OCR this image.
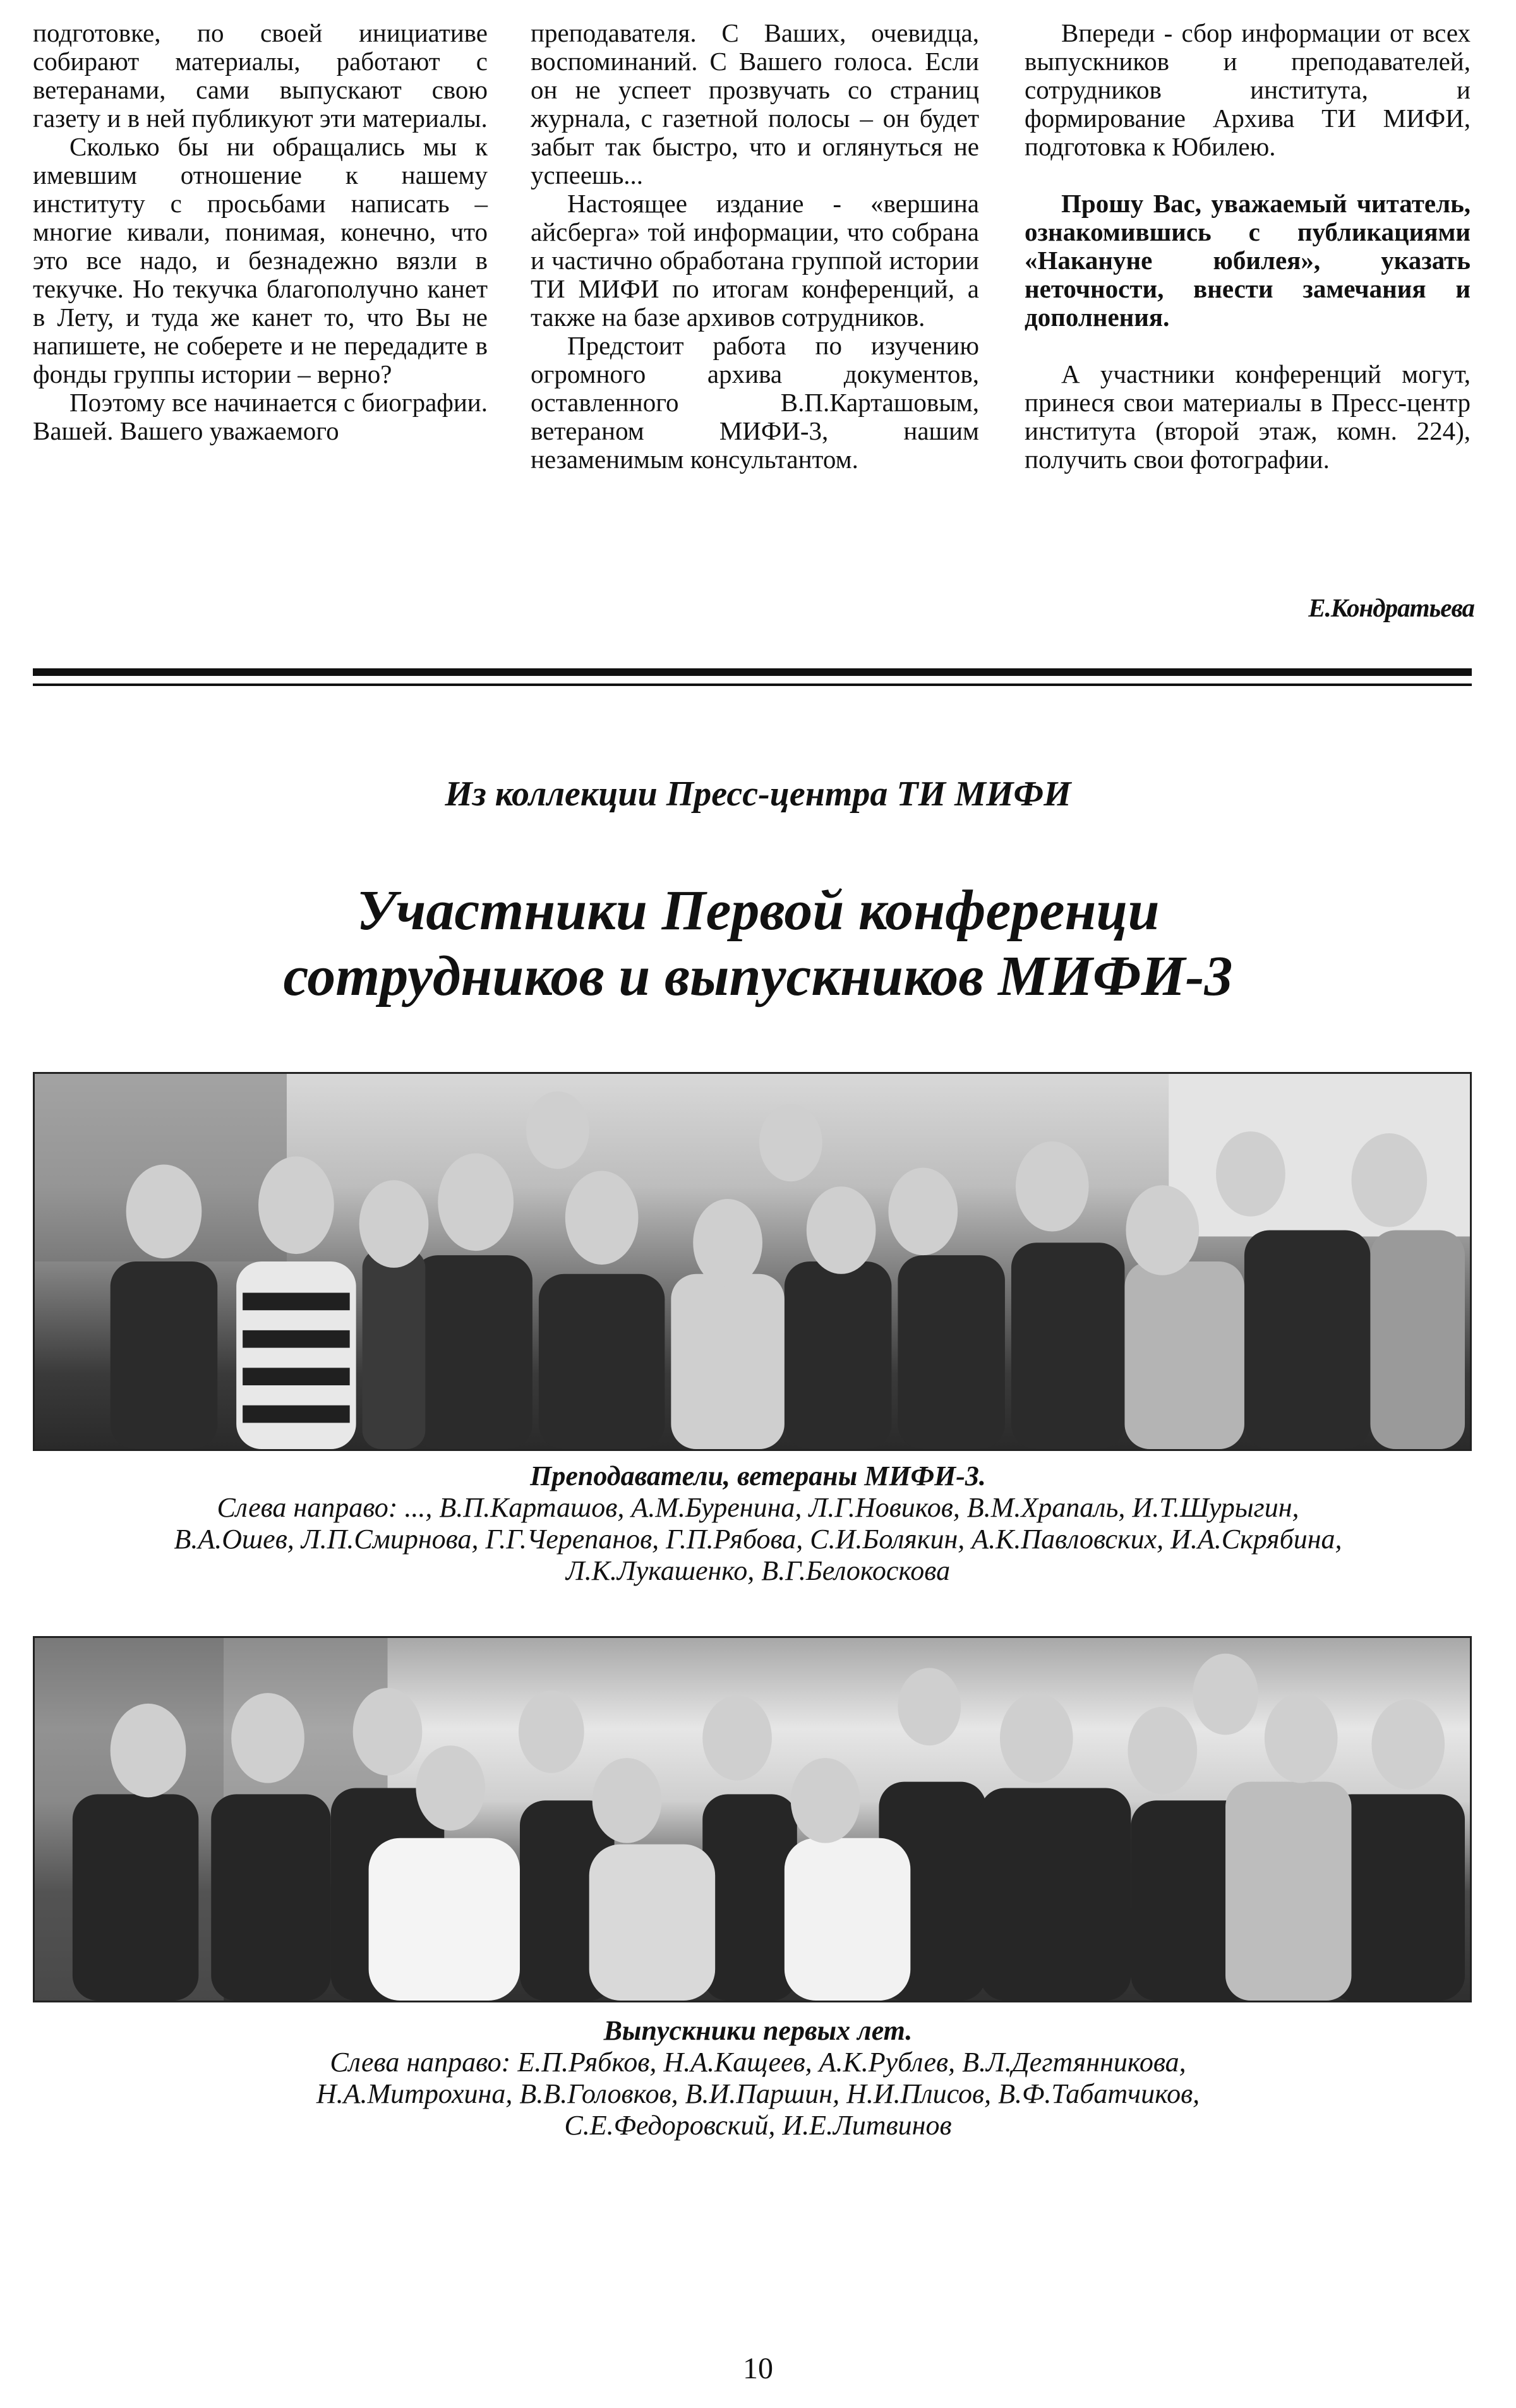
подготовке, по своей инициативе собирают материалы, работают с ветеранами, сами выпускают свою газету и в ней публикуют эти материалы.

Сколько бы ни обращались мы к имевшим отношение к нашему институту с просьбами написать – многие кивали, понимая, конечно, что это все надо, и безнадежно вязли в текучке. Но текучка благополучно канет в Лету, и туда же канет то, что Вы не напишете, не соберете и не передадите в фонды группы истории – верно?

Поэтому все начинается с биографии. Вашей. Вашего уважаемого

преподавателя. С Ваших, очевидца, воспоминаний. С Вашего голоса. Если он не успеет прозвучать со страниц журнала, с газетной полосы – он будет забыт так быстро, что и оглянуться не успеешь...

Настоящее издание - «вершина айсберга» той информации, что собрана и частично обработана группой истории ТИ МИФИ по итогам конференций, а также на базе архивов сотрудников.

Предстоит работа по изучению огромного архива документов, оставленного В.П.Карташовым, ветераном МИФИ-3, нашим незаменимым консультантом.

Впереди - сбор информации от всех выпускников и преподавателей, сотрудников института, и формирование Архива ТИ МИФИ, подготовка к Юбилею.

Прошу Вас, уважаемый читатель, ознакомившись с публикациями «Накануне юбилея», указать неточности, внести замечания и дополнения.

А участники конференций могут, принеся свои материалы в Пресс-центр института (второй этаж, комн. 224), получить свои фотографии.

Е.Кондратьева
Из коллекции Пресс-центра ТИ МИФИ
Участники Первой конференци
сотрудников и выпускников МИФИ-3
Преподаватели, ветераны МИФИ-3.
Слева направо: ..., В.П.Карташов, А.М.Буренина, Л.Г.Новиков, В.М.Храпаль, И.Т.Шурыгин,
В.А.Ошев, Л.П.Смирнова, Г.Г.Черепанов, Г.П.Рябова, С.И.Болякин, А.К.Павловских, И.А.Скрябина,
Л.К.Лукашенко, В.Г.Белокоскова
Выпускники первых лет.
Слева направо: Е.П.Рябков, Н.А.Кащеев, А.К.Рублев, В.Л.Дегтянникова,
Н.А.Митрохина, В.В.Головков, В.И.Паршин, Н.И.Плисов, В.Ф.Табатчиков,
С.Е.Федоровский, И.Е.Литвинов
10
